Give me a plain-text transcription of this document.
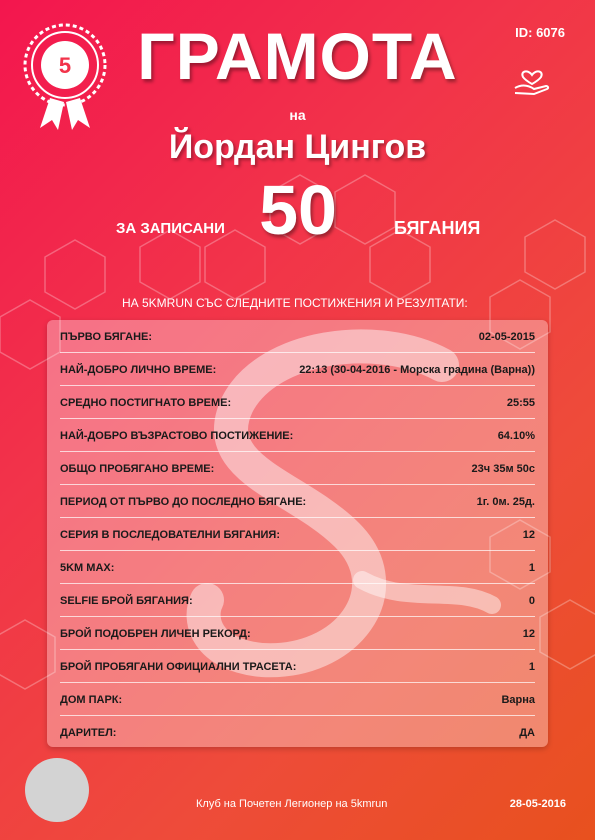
5
ID: 6076
ГРАМОТА
на
Йордан Цингов
ЗА ЗАПИСАНИ 50	БЯГАНИЯ
НА 5KMRUN СЪС СЛЕДНИТЕ ПОСТИЖЕНИЯ И РЕЗУЛТАТИ:
ПЪРВО БЯГАНЕ:	02-05-2015
НАЙ-ДОБРО ЛИЧНО ВРЕМЕ:	22:13 (30-04-2016 - Морска градина (Варна))
СРЕДНО ПОСТИГНАТО ВРЕМЕ:	25:55
НАЙ-ДОБРО ВЪЗРАСТОВО ПОСТИЖЕНИЕ:	64.10%
ОБЩО ПРОБЯГАНО ВРЕМЕ:	23ч 35м 50с
ПЕРИОД ОТ ПЪРВО ДО ПОСЛЕДНО БЯГАНЕ:	1г. 0м. 25д.
СЕРИЯ В ПОСЛЕДОВАТЕЛНИ БЯГАНИЯ:	12
5KM MAX:	1
SELFIE БРОЙ БЯГАНИЯ:	0
БРОЙ ПОДОБРЕН ЛИЧЕН РЕКОРД:	12
БРОЙ ПРОБЯГАНИ ОФИЦИАЛНИ ТРАСЕТА:	1
ДОМ ПАРК:	Варна
ДАРИТЕЛ:	ДА
Клуб на Почетен Легионер на 5kmrun	28-05-2016
